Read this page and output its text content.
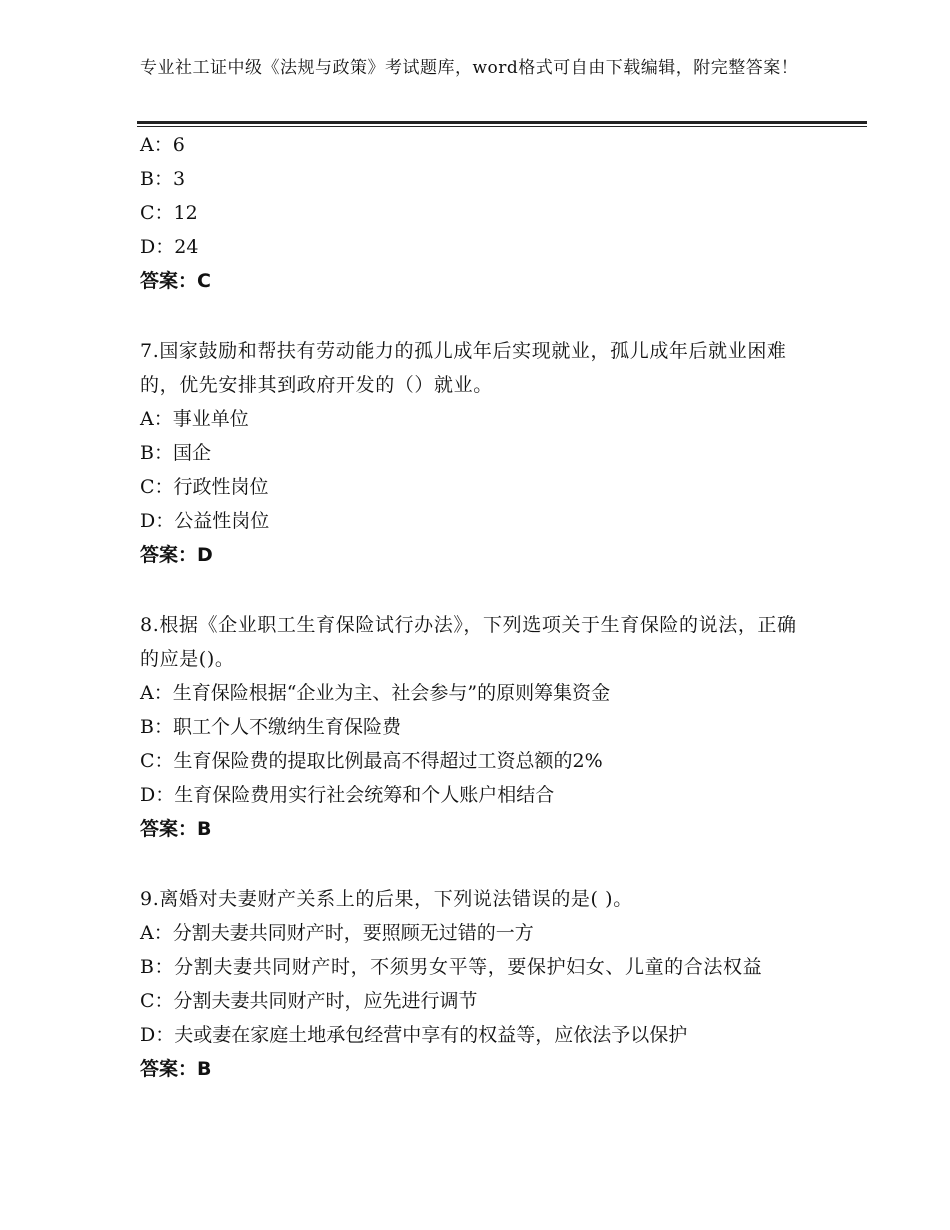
专业社工证中级《法规与政策》考试题库，word格式可自由下载编辑，附完整答案！
A：6
B：3
C：12
D：24
答案：C
7.国家鼓励和帮扶有劳动能力的孤儿成年后实现就业，孤儿成年后就业困难的，优先安排其到政府开发的（）就业。
A：事业单位
B：国企
C：行政性岗位
D：公益性岗位
答案：D
8.根据《企业职工生育保险试行办法》，下列选项关于生育保险的说法，正确的应是()。
A：生育保险根据“企业为主、社会参与”的原则筹集资金
B：职工个人不缴纳生育保险费
C：生育保险费的提取比例最高不得超过工资总额的2%
D：生育保险费用实行社会统筹和个人账户相结合
答案：B
9.离婚对夫妻财产关系上的后果，下列说法错误的是( )。
A：分割夫妻共同财产时，要照顾无过错的一方
B：分割夫妻共同财产时，不须男女平等，要保护妇女、儿童的合法权益
C：分割夫妻共同财产时，应先进行调节
D：夫或妻在家庭土地承包经营中享有的权益等，应依法予以保护
答案：B
